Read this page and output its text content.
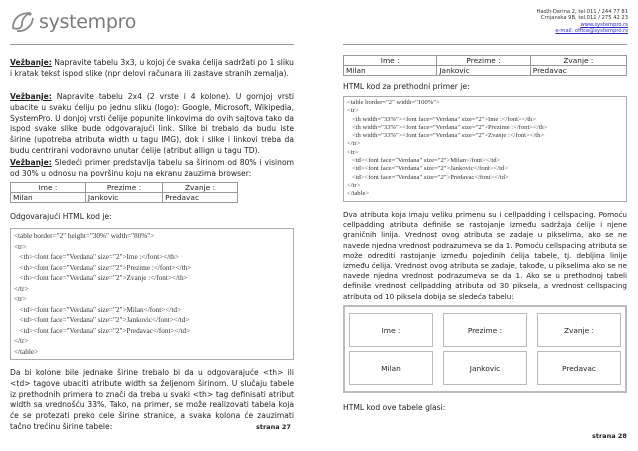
systempro
Vežbanje: Napravite tabelu 3x3, u kojoj će svaka ćelija sadržati po 1 sliku i kratak tekst ispod slike (npr delovi računara ili zastave stranih zemalja).
Vežbanje: Napravite tabelu 2x4 (2 vrste i 4 kolone). U gornjoj vrsti ubacite u svaku ćeliju po jednu sliku (logo): Google, Microsoft, Wikipedia, SystemPro. U donjoj vrsti ćelije popunite linkovima do ovih sajtova tako da ispod svake slike bude odgovarajući link. Slike bi trebalo da budu iste širine (upotreba atributa width u tagu IMG), dok i slike i linkovi treba da budu centrirani vodoravno unutar ćelije (atribut allign u tagu TD).
Vežbanje: Sledeći primer predstavlja tabelu sa širinom od 80% i visinom od 30% u odnosu na površinu koju na ekranu zauzima browser:
Ime :	Prezime :	Zvanje :
Milan	Jankovic	Predavac
Odgovarajući HTML kod je:
<table border="2" height="30%" width="80%">
<tr>
<th><font face="Verdana" size="2">Ime :</font></th>
<th><font face="Verdana" size="2">Prezime :</font></th>
<th><font face="Verdana" size="2">Zvanje :</font></th>
</tr>
<tr>
<td><font face="Verdana" size="2">Milan</font></td>
<td><font face="Verdana" size="2">Jankovic</font></td>
<td><font face="Verdana" size="2">Predavac</font></td>
</tr>
</table>
Da bi kolone bile jednake širine trebalo bi da u odgovarajuće <th> ili <td> tagove ubaciti atribute width sa željenom širinom. U slučaju tabele iz prethodnih primera to znači da treba u svaki <th> tag definisati atribut width sa vrednošću 33%. Tako, na primer, se može realizovati tabela koja će se protezati preko cele širine stranice, a svaka kolona će zauzimati tačno trećinu širine tabele:	strana 27
Hadži-Derina 2, tel.011 / 244 77 81
Crnjanska 9B, tel.011 / 275 42 23
www.systempro.rs
e-mail: office@systempro.rs
Ime :	Prezime :	Zvanje :
Milan	Jankovic	Predavac
HTML kod za prethodni primer je:
<table border="2" width="100%">
<tr>
<th width="33%"><font face="Verdana" size="2">Ime :</font></th>
<th width="33%"><font face="Verdana" size="2">Prezime :</font></th>
<th width="33%"><font face="Verdana" size="2">Zvanje :</font></th>
</tr>
<tr>
<td><font face="Verdana" size="2">Milan</font></td>
<td><font face="Verdana" size="2">Jankovic</font></td>
<td><font face="Verdana" size="2">Predavac</font></td>
</tr>
</table>
Dva atributa koja imaju veliku primenu su i cellpadding i cellspacing. Pomoću cellpadding atributa definiše se rastojanje između sadržaja ćelije i njene graničnih linija. Vrednost ovog atributa se zadaje u pikselima, ako se ne navede njedna vrednost podrazumeva se da 1. Pomoću cellspacing atributa se može odrediti rastojanje između pojedinih ćelija tabele, tj. debljina linije između ćelija. Vrednost ovog atributa se zadaje, takođe, u pikselima ako se ne navede njedna vrednost podrazumeva se da 1. Ako se u prethodnoj tabeli definiše vrednost cellpadding atributa od 30 piksela, a vrednost cellspacing atributa od 10 piksela dobija se sledeća tabelu:
Ime :	Prezime :	Zvanje :
Milan	Jankovic	Predavac
HTML kod ove tabele glasi:
strana 28
